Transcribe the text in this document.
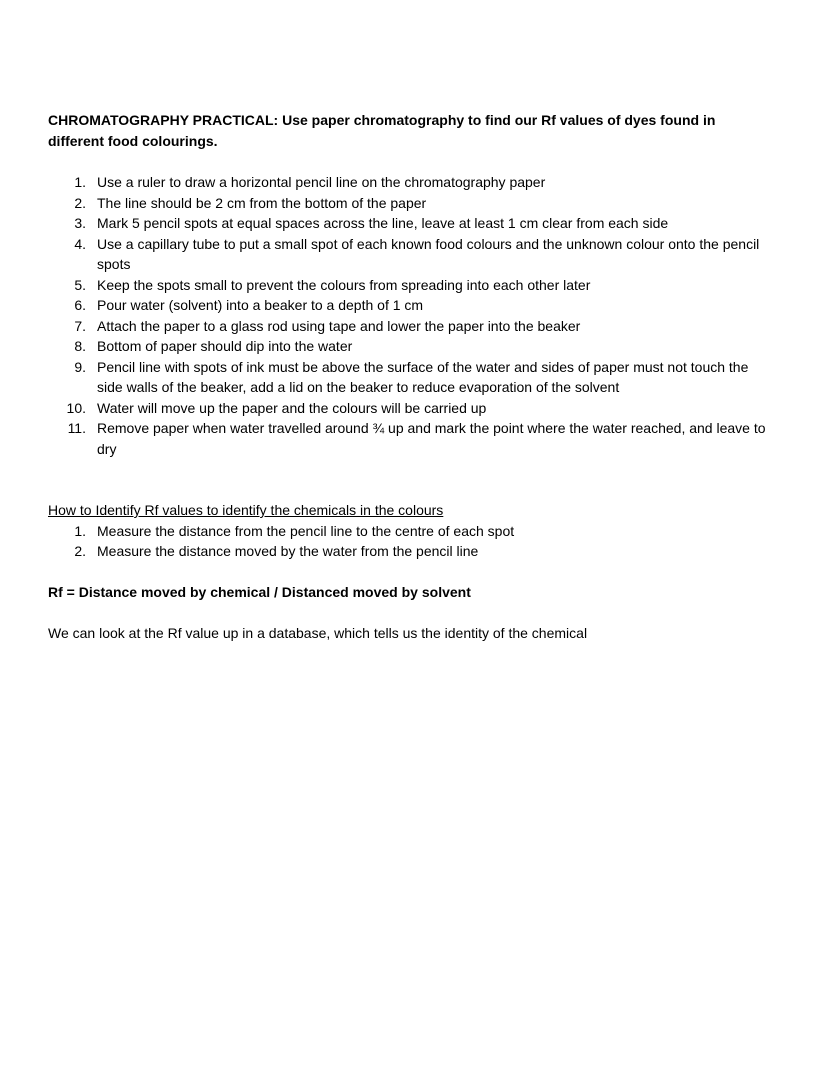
CHROMATOGRAPHY PRACTICAL: Use paper chromatography to find our Rf values of dyes found in different food colourings.
1. Use a ruler to draw a horizontal pencil line on the chromatography paper
2. The line should be 2 cm from the bottom of the paper
3. Mark 5 pencil spots at equal spaces across the line, leave at least 1 cm clear from each side
4. Use a capillary tube to put a small spot of each known food colours and the unknown colour onto the pencil spots
5. Keep the spots small to prevent the colours from spreading into each other later
6. Pour water (solvent) into a beaker to a depth of 1 cm
7. Attach the paper to a glass rod using tape and lower the paper into the beaker
8. Bottom of paper should dip into the water
9. Pencil line with spots of ink must be above the surface of the water and sides of paper must not touch the side walls of the beaker, add a lid on the beaker to reduce evaporation of the solvent
10. Water will move up the paper and the colours will be carried up
11. Remove paper when water travelled around ¾ up and mark the point where the water reached, and leave to dry
How to Identify Rf values to identify the chemicals in the colours
1. Measure the distance from the pencil line to the centre of each spot
2. Measure the distance moved by the water from the pencil line
Rf = Distance moved by chemical / Distanced moved by solvent

We can look at the Rf value up in a database, which tells us the identity of the chemical
